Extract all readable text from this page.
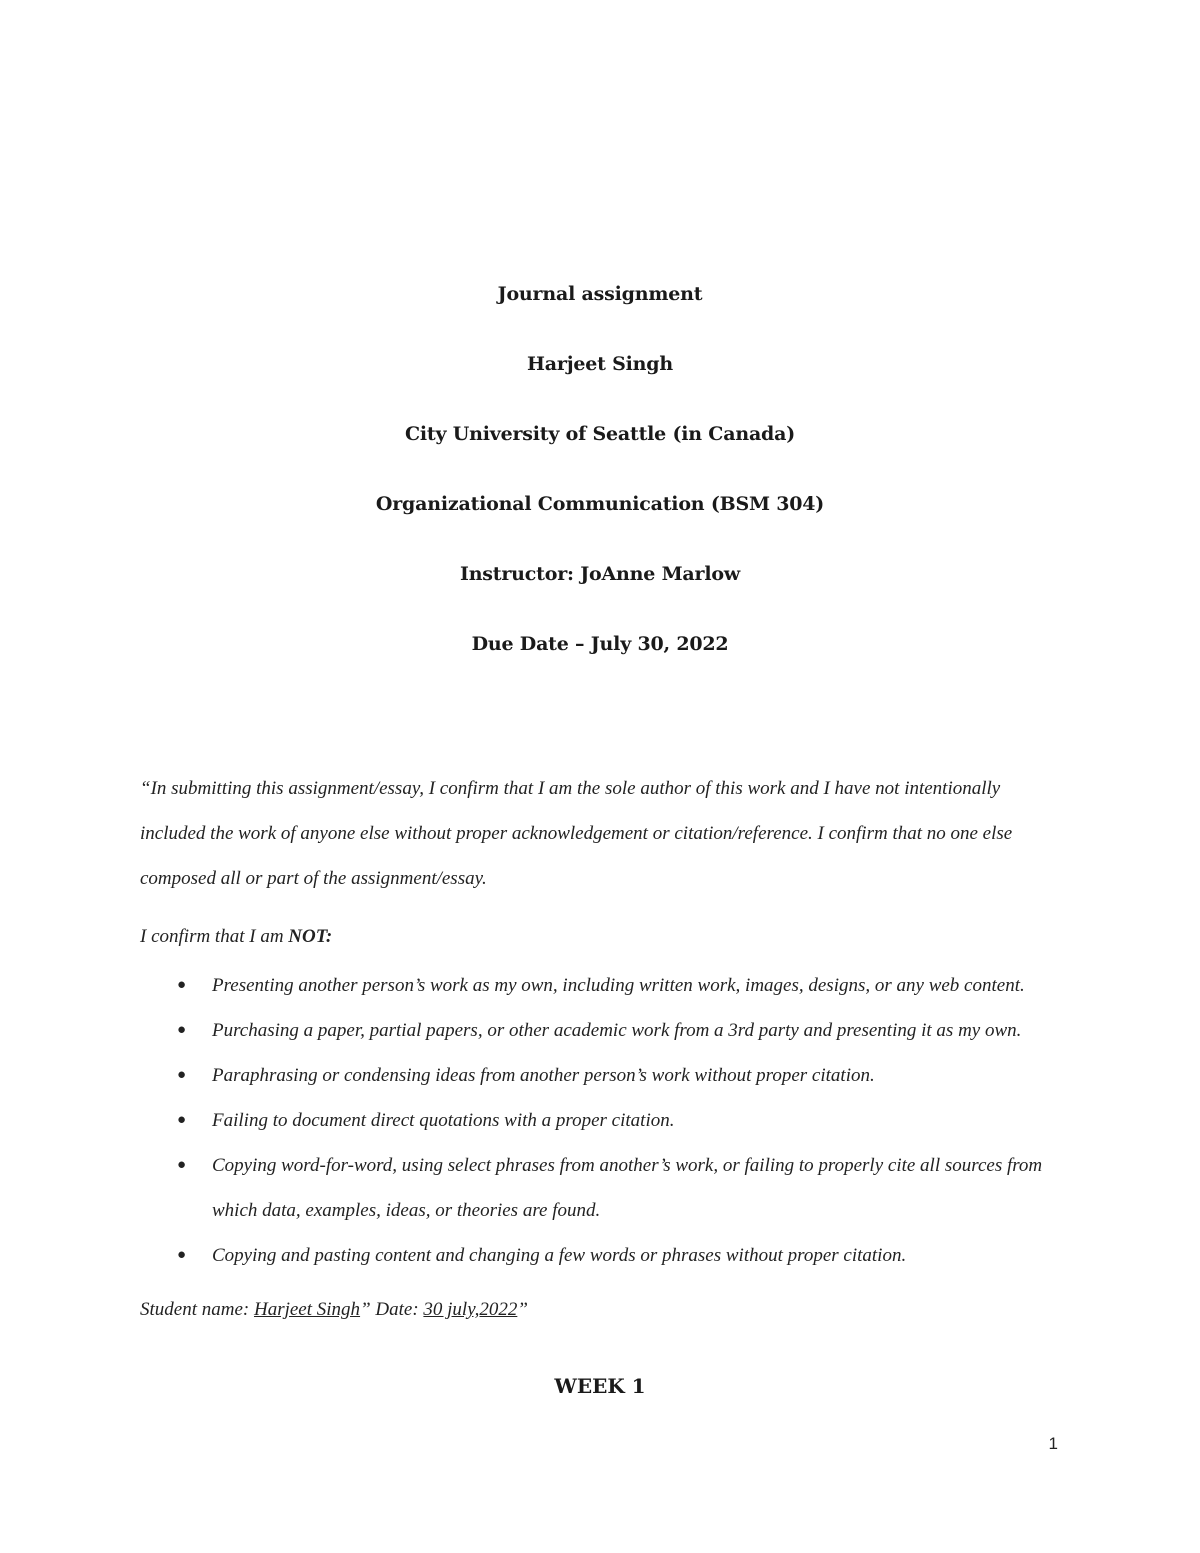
Journal assignment
Harjeet Singh
City University of Seattle (in Canada)
Organizational Communication (BSM 304)
Instructor: JoAnne Marlow
Due Date – July 30, 2022

“In submitting this assignment/essay, I confirm that I am the sole author of this work and I have not intentionally included the work of anyone else without proper acknowledgement or citation/reference. I confirm that no one else composed all or part of the assignment/essay.

I confirm that I am NOT:
● Presenting another person’s work as my own, including written work, images, designs, or any web content.
● Purchasing a paper, partial papers, or other academic work from a 3rd party and presenting it as my own.
● Paraphrasing or condensing ideas from another person’s work without proper citation.
● Failing to document direct quotations with a proper citation.
● Copying word-for-word, using select phrases from another’s work, or failing to properly cite all sources from which data, examples, ideas, or theories are found.
● Copying and pasting content and changing a few words or phrases without proper citation.
Student name: Harjeet Singh” Date: 30 july,2022”
WEEK 1
1
